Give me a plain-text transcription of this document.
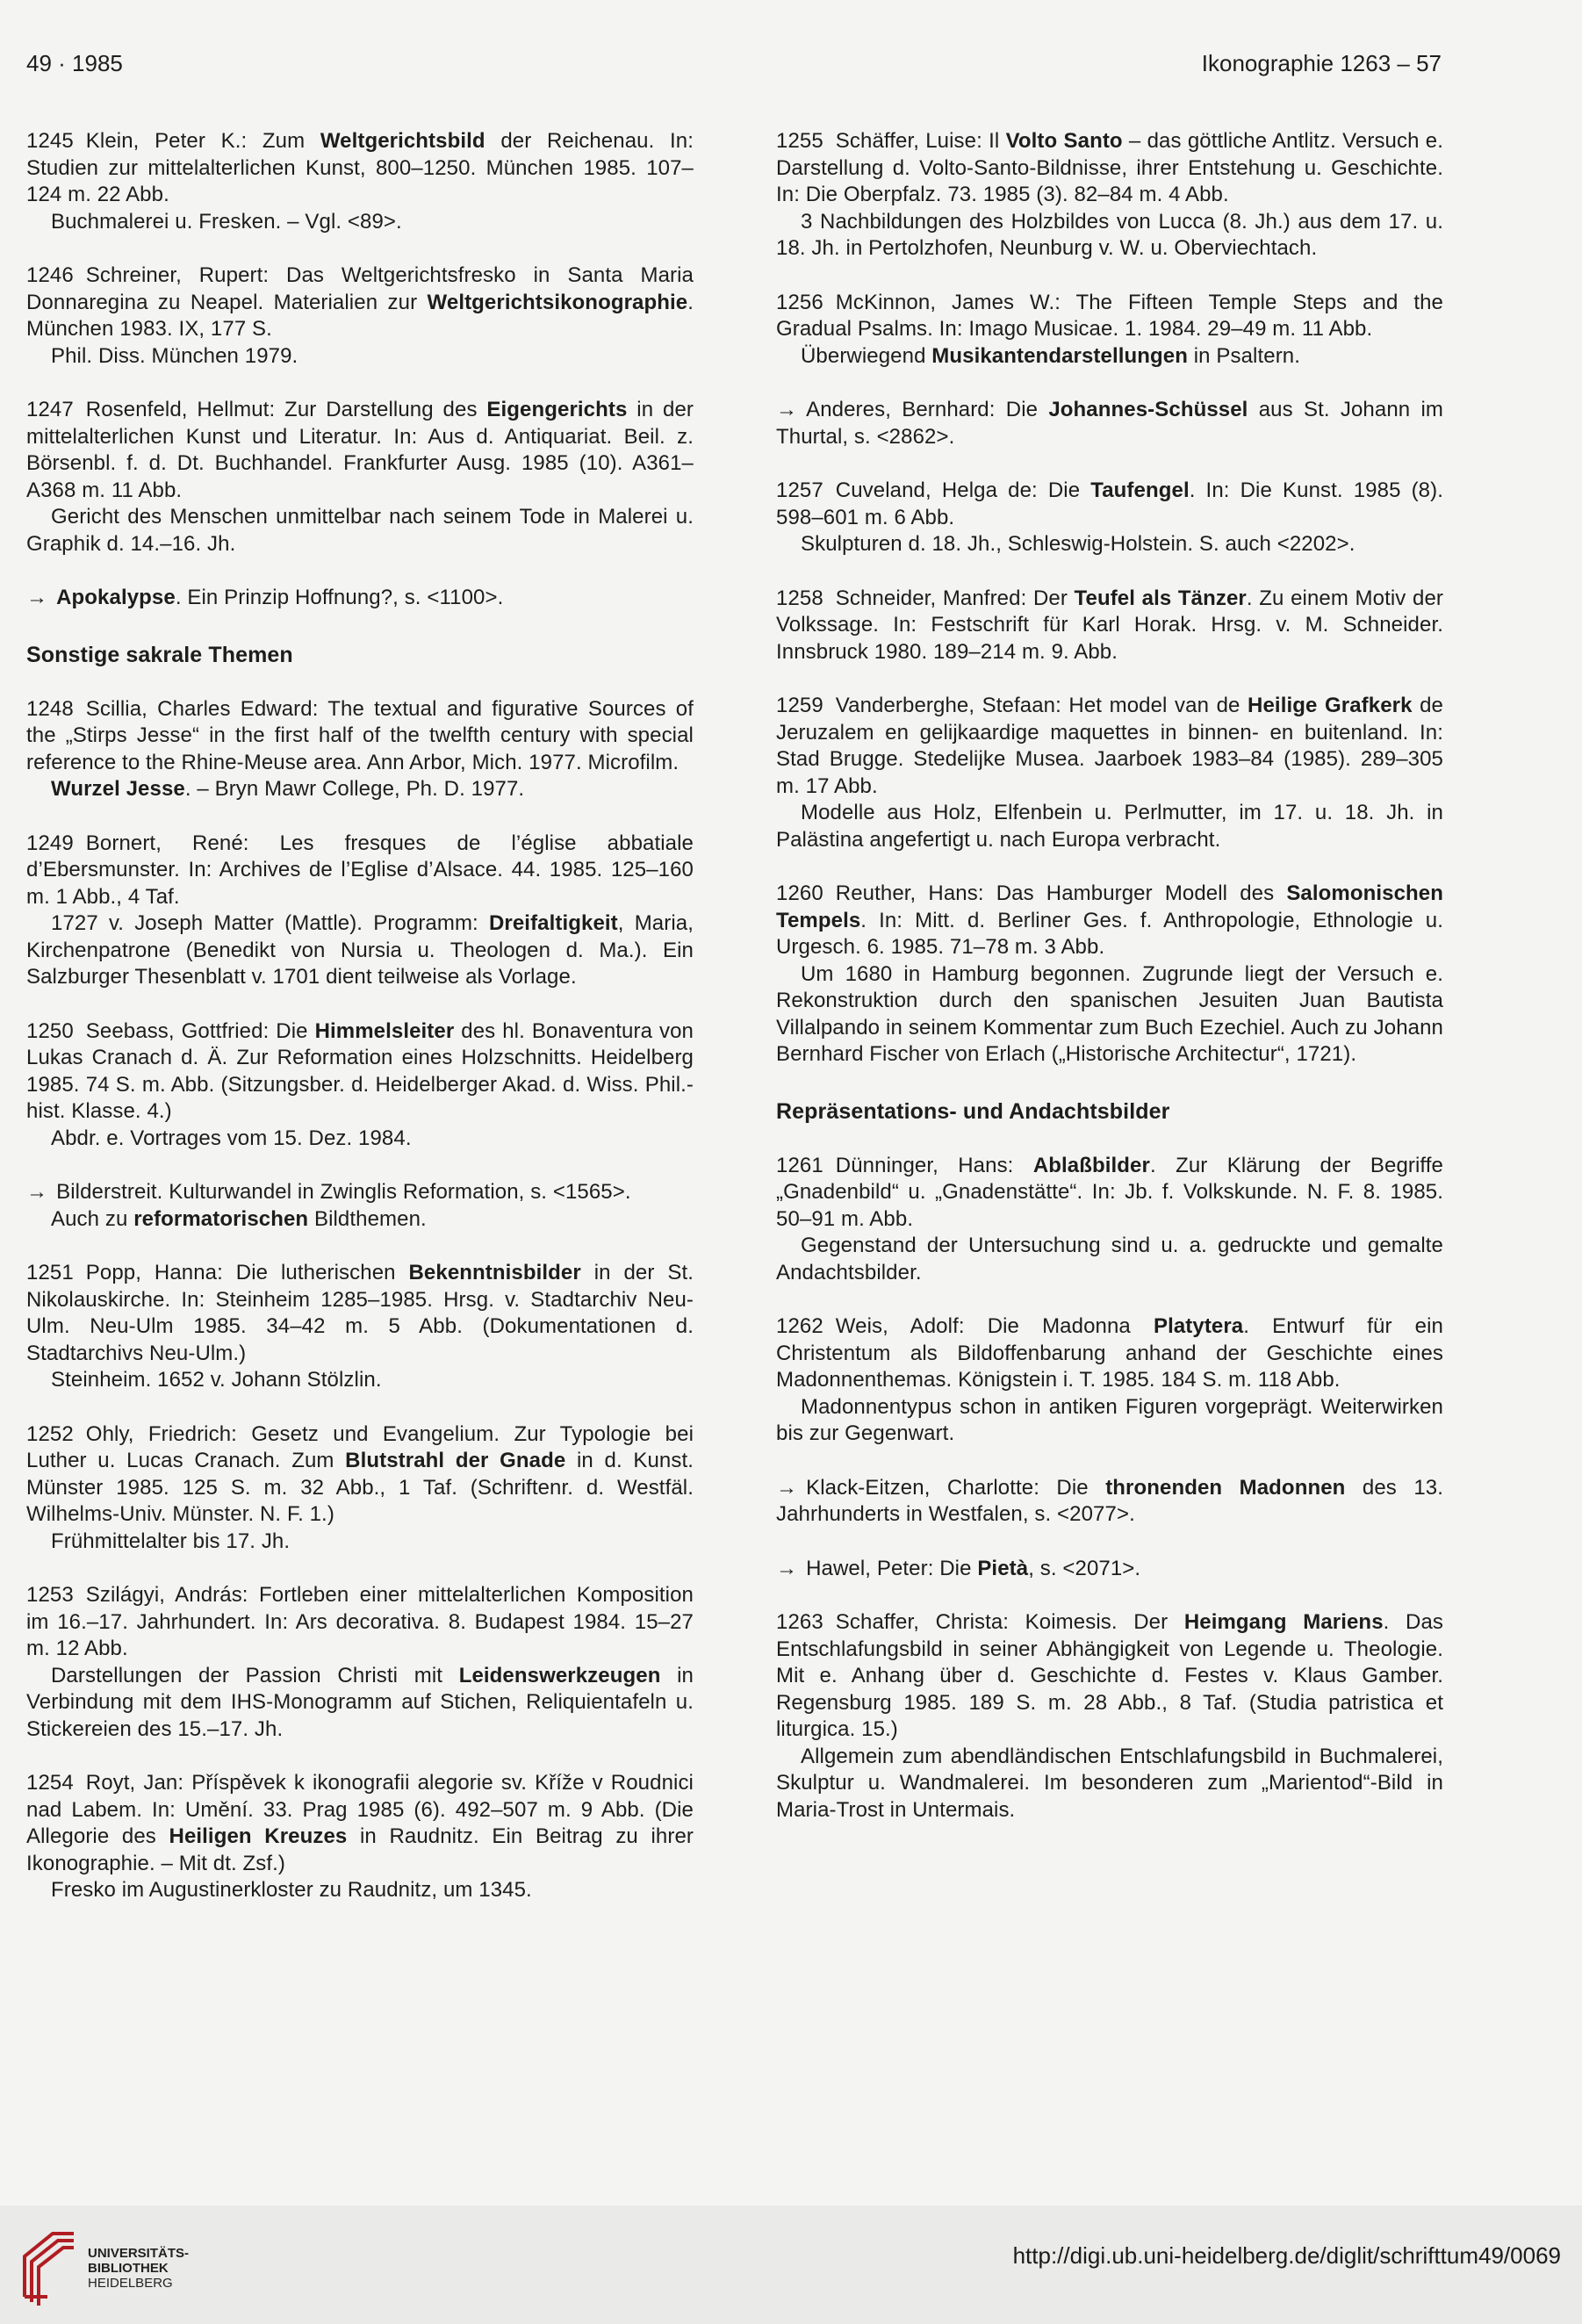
49 · 1985	Ikonographie 1263 – 57

1245 Klein, Peter K.: Zum Weltgerichtsbild der Reichenau. In: Studien zur mittelalterlichen Kunst, 800–1250. München 1985. 107–124 m. 22 Abb.

Buchmalerei u. Fresken. – Vgl. <89>.

1246 Schreiner, Rupert: Das Weltgerichtsfresko in Santa Maria Donnaregina zu Neapel. Materialien zur Weltgerichtsikonographie. München 1983. IX, 177 S.

Phil. Diss. München 1979.

1247 Rosenfeld, Hellmut: Zur Darstellung des Eigengerichts in der mittelalterlichen Kunst und Literatur. In: Aus d. Antiquariat. Beil. z. Börsenbl. f. d. Dt. Buchhandel. Frankfurter Ausg. 1985 (10). A361–A368 m. 11 Abb.

Gericht des Menschen unmittelbar nach seinem Tode in Malerei u. Graphik d. 14.–16. Jh.

→ Apokalypse. Ein Prinzip Hoffnung?, s. <1100>.

Sonstige sakrale Themen

1248 Scillia, Charles Edward: The textual and figurative Sources of the „Stirps Jesse“ in the first half of the twelfth century with special reference to the Rhine-Meuse area. Ann Arbor, Mich. 1977. Microfilm.

Wurzel Jesse. – Bryn Mawr College, Ph. D. 1977.

1249 Bornert, René: Les fresques de l’église abbatiale d’Ebersmunster. In: Archives de l’Eglise d’Alsace. 44. 1985. 125–160 m. 1 Abb., 4 Taf.

1727 v. Joseph Matter (Mattle). Programm: Dreifaltigkeit, Maria, Kirchenpatrone (Benedikt von Nursia u. Theologen d. Ma.). Ein Salzburger Thesenblatt v. 1701 dient teilweise als Vorlage.

1250 Seebass, Gottfried: Die Himmelsleiter des hl. Bonaventura von Lukas Cranach d. Ä. Zur Reformation eines Holzschnitts. Heidelberg 1985. 74 S. m. Abb. (Sitzungsber. d. Heidelberger Akad. d. Wiss. Phil.-hist. Klasse. 4.)

Abdr. e. Vortrages vom 15. Dez. 1984.

→ Bilderstreit. Kulturwandel in Zwinglis Reformation, s. <1565>.

Auch zu reformatorischen Bildthemen.

1251 Popp, Hanna: Die lutherischen Bekenntnisbilder in der St. Nikolauskirche. In: Steinheim 1285–1985. Hrsg. v. Stadtarchiv Neu-Ulm. Neu-Ulm 1985. 34–42 m. 5 Abb. (Dokumentationen d. Stadtarchivs Neu-Ulm.)

Steinheim. 1652 v. Johann Stölzlin.

1252 Ohly, Friedrich: Gesetz und Evangelium. Zur Typologie bei Luther u. Lucas Cranach. Zum Blutstrahl der Gnade in d. Kunst. Münster 1985. 125 S. m. 32 Abb., 1 Taf. (Schriftenr. d. Westfäl. Wilhelms-Univ. Münster. N. F. 1.)

Frühmittelalter bis 17. Jh.

1253 Szilágyi, András: Fortleben einer mittelalterlichen Komposition im 16.–17. Jahrhundert. In: Ars decorativa. 8. Budapest 1984. 15–27 m. 12 Abb.

Darstellungen der Passion Christi mit Leidenswerkzeugen in Verbindung mit dem IHS-Monogramm auf Stichen, Reliquientafeln u. Stickereien des 15.–17. Jh.

1254 Royt, Jan: Příspěvek k ikonografii alegorie sv. Kříže v Roudnici nad Labem. In: Umění. 33. Prag 1985 (6). 492–507 m. 9 Abb. (Die Allegorie des Heiligen Kreuzes in Raudnitz. Ein Beitrag zu ihrer Ikonographie. – Mit dt. Zsf.)

Fresko im Augustinerkloster zu Raudnitz, um 1345.

1255 Schäffer, Luise: Il Volto Santo – das göttliche Antlitz. Versuch e. Darstellung d. Volto-Santo-Bildnisse, ihrer Entstehung u. Geschichte. In: Die Oberpfalz. 73. 1985 (3). 82–84 m. 4 Abb.

3 Nachbildungen des Holzbildes von Lucca (8. Jh.) aus dem 17. u. 18. Jh. in Pertolzhofen, Neunburg v. W. u. Oberviechtach.

1256 McKinnon, James W.: The Fifteen Temple Steps and the Gradual Psalms. In: Imago Musicae. 1. 1984. 29–49 m. 11 Abb.

Überwiegend Musikantendarstellungen in Psaltern.

→ Anderes, Bernhard: Die Johannes-Schüssel aus St. Johann im Thurtal, s. <2862>.

1257 Cuveland, Helga de: Die Taufengel. In: Die Kunst. 1985 (8). 598–601 m. 6 Abb.

Skulpturen d. 18. Jh., Schleswig-Holstein. S. auch <2202>.

1258 Schneider, Manfred: Der Teufel als Tänzer. Zu einem Motiv der Volkssage. In: Festschrift für Karl Horak. Hrsg. v. M. Schneider. Innsbruck 1980. 189–214 m. 9. Abb.

1259 Vanderberghe, Stefaan: Het model van de Heilige Grafkerk de Jeruzalem en gelijkaardige maquettes in binnen- en buitenland. In: Stad Brugge. Stedelijke Musea. Jaarboek 1983–84 (1985). 289–305 m. 17 Abb.

Modelle aus Holz, Elfenbein u. Perlmutter, im 17. u. 18. Jh. in Palästina angefertigt u. nach Europa verbracht.

1260 Reuther, Hans: Das Hamburger Modell des Salomonischen Tempels. In: Mitt. d. Berliner Ges. f. Anthropologie, Ethnologie u. Urgesch. 6. 1985. 71–78 m. 3 Abb.

Um 1680 in Hamburg begonnen. Zugrunde liegt der Versuch e. Rekonstruktion durch den spanischen Jesuiten Juan Bautista Villalpando in seinem Kommentar zum Buch Ezechiel. Auch zu Johann Bernhard Fischer von Erlach („Historische Architectur“, 1721).

Repräsentations- und Andachtsbilder

1261 Dünninger, Hans: Ablaßbilder. Zur Klärung der Begriffe „Gnadenbild“ u. „Gnadenstätte“. In: Jb. f. Volkskunde. N. F. 8. 1985. 50–91 m. Abb.

Gegenstand der Untersuchung sind u. a. gedruckte und gemalte Andachtsbilder.

1262 Weis, Adolf: Die Madonna Platytera. Entwurf für ein Christentum als Bildoffenbarung anhand der Geschichte eines Madonnenthemas. Königstein i. T. 1985. 184 S. m. 118 Abb.

Madonnentypus schon in antiken Figuren vorgeprägt. Weiterwirken bis zur Gegenwart.

→ Klack-Eitzen, Charlotte: Die thronenden Madonnen des 13. Jahrhunderts in Westfalen, s. <2077>.

→ Hawel, Peter: Die Pietà, s. <2071>.

1263 Schaffer, Christa: Koimesis. Der Heimgang Mariens. Das Entschlafungsbild in seiner Abhängigkeit von Legende u. Theologie. Mit e. Anhang über d. Geschichte d. Festes v. Klaus Gamber. Regensburg 1985. 189 S. m. 28 Abb., 8 Taf. (Studia patristica et liturgica. 15.)

Allgemein zum abendländischen Entschlafungsbild in Buchmalerei, Skulptur u. Wandmalerei. Im besonderen zum „Marientod“-Bild in Maria-Trost in Untermais.

UNIVERSITÄTS-
BIBLIOTHEK
HEIDELBERG
http://digi.ub.uni-heidelberg.de/diglit/schrifttum49/0069
